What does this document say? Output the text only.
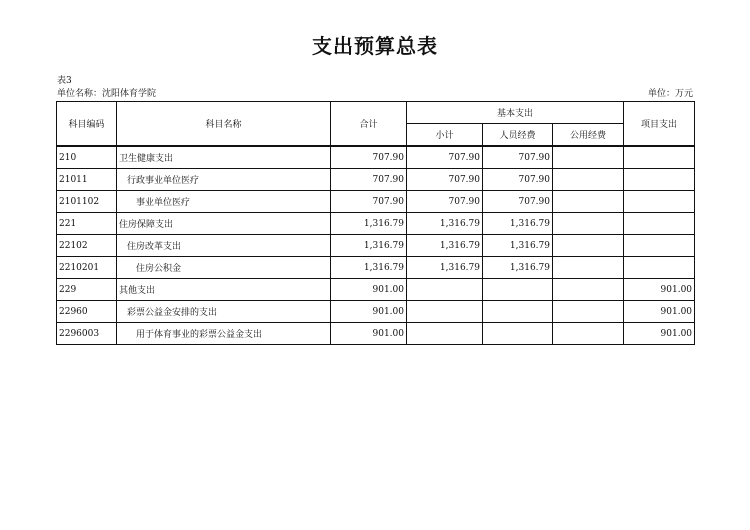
支出预算总表
表3
单位名称：沈阳体育学院	单位：万元
科目编码	科目名称	合计	基本支出			项目支出
			小计	人员经费	公用经费	
210	卫生健康支出	707.90	707.90	707.90		
21011	行政事业单位医疗	707.90	707.90	707.90		
2101102	事业单位医疗	707.90	707.90	707.90		
221	住房保障支出	1,316.79	1,316.79	1,316.79		
22102	住房改革支出	1,316.79	1,316.79	1,316.79		
2210201	住房公积金	1,316.79	1,316.79	1,316.79		
229	其他支出	901.00				901.00
22960	彩票公益金安排的支出	901.00				901.00
2296003	用于体育事业的彩票公益金支出	901.00				901.00
